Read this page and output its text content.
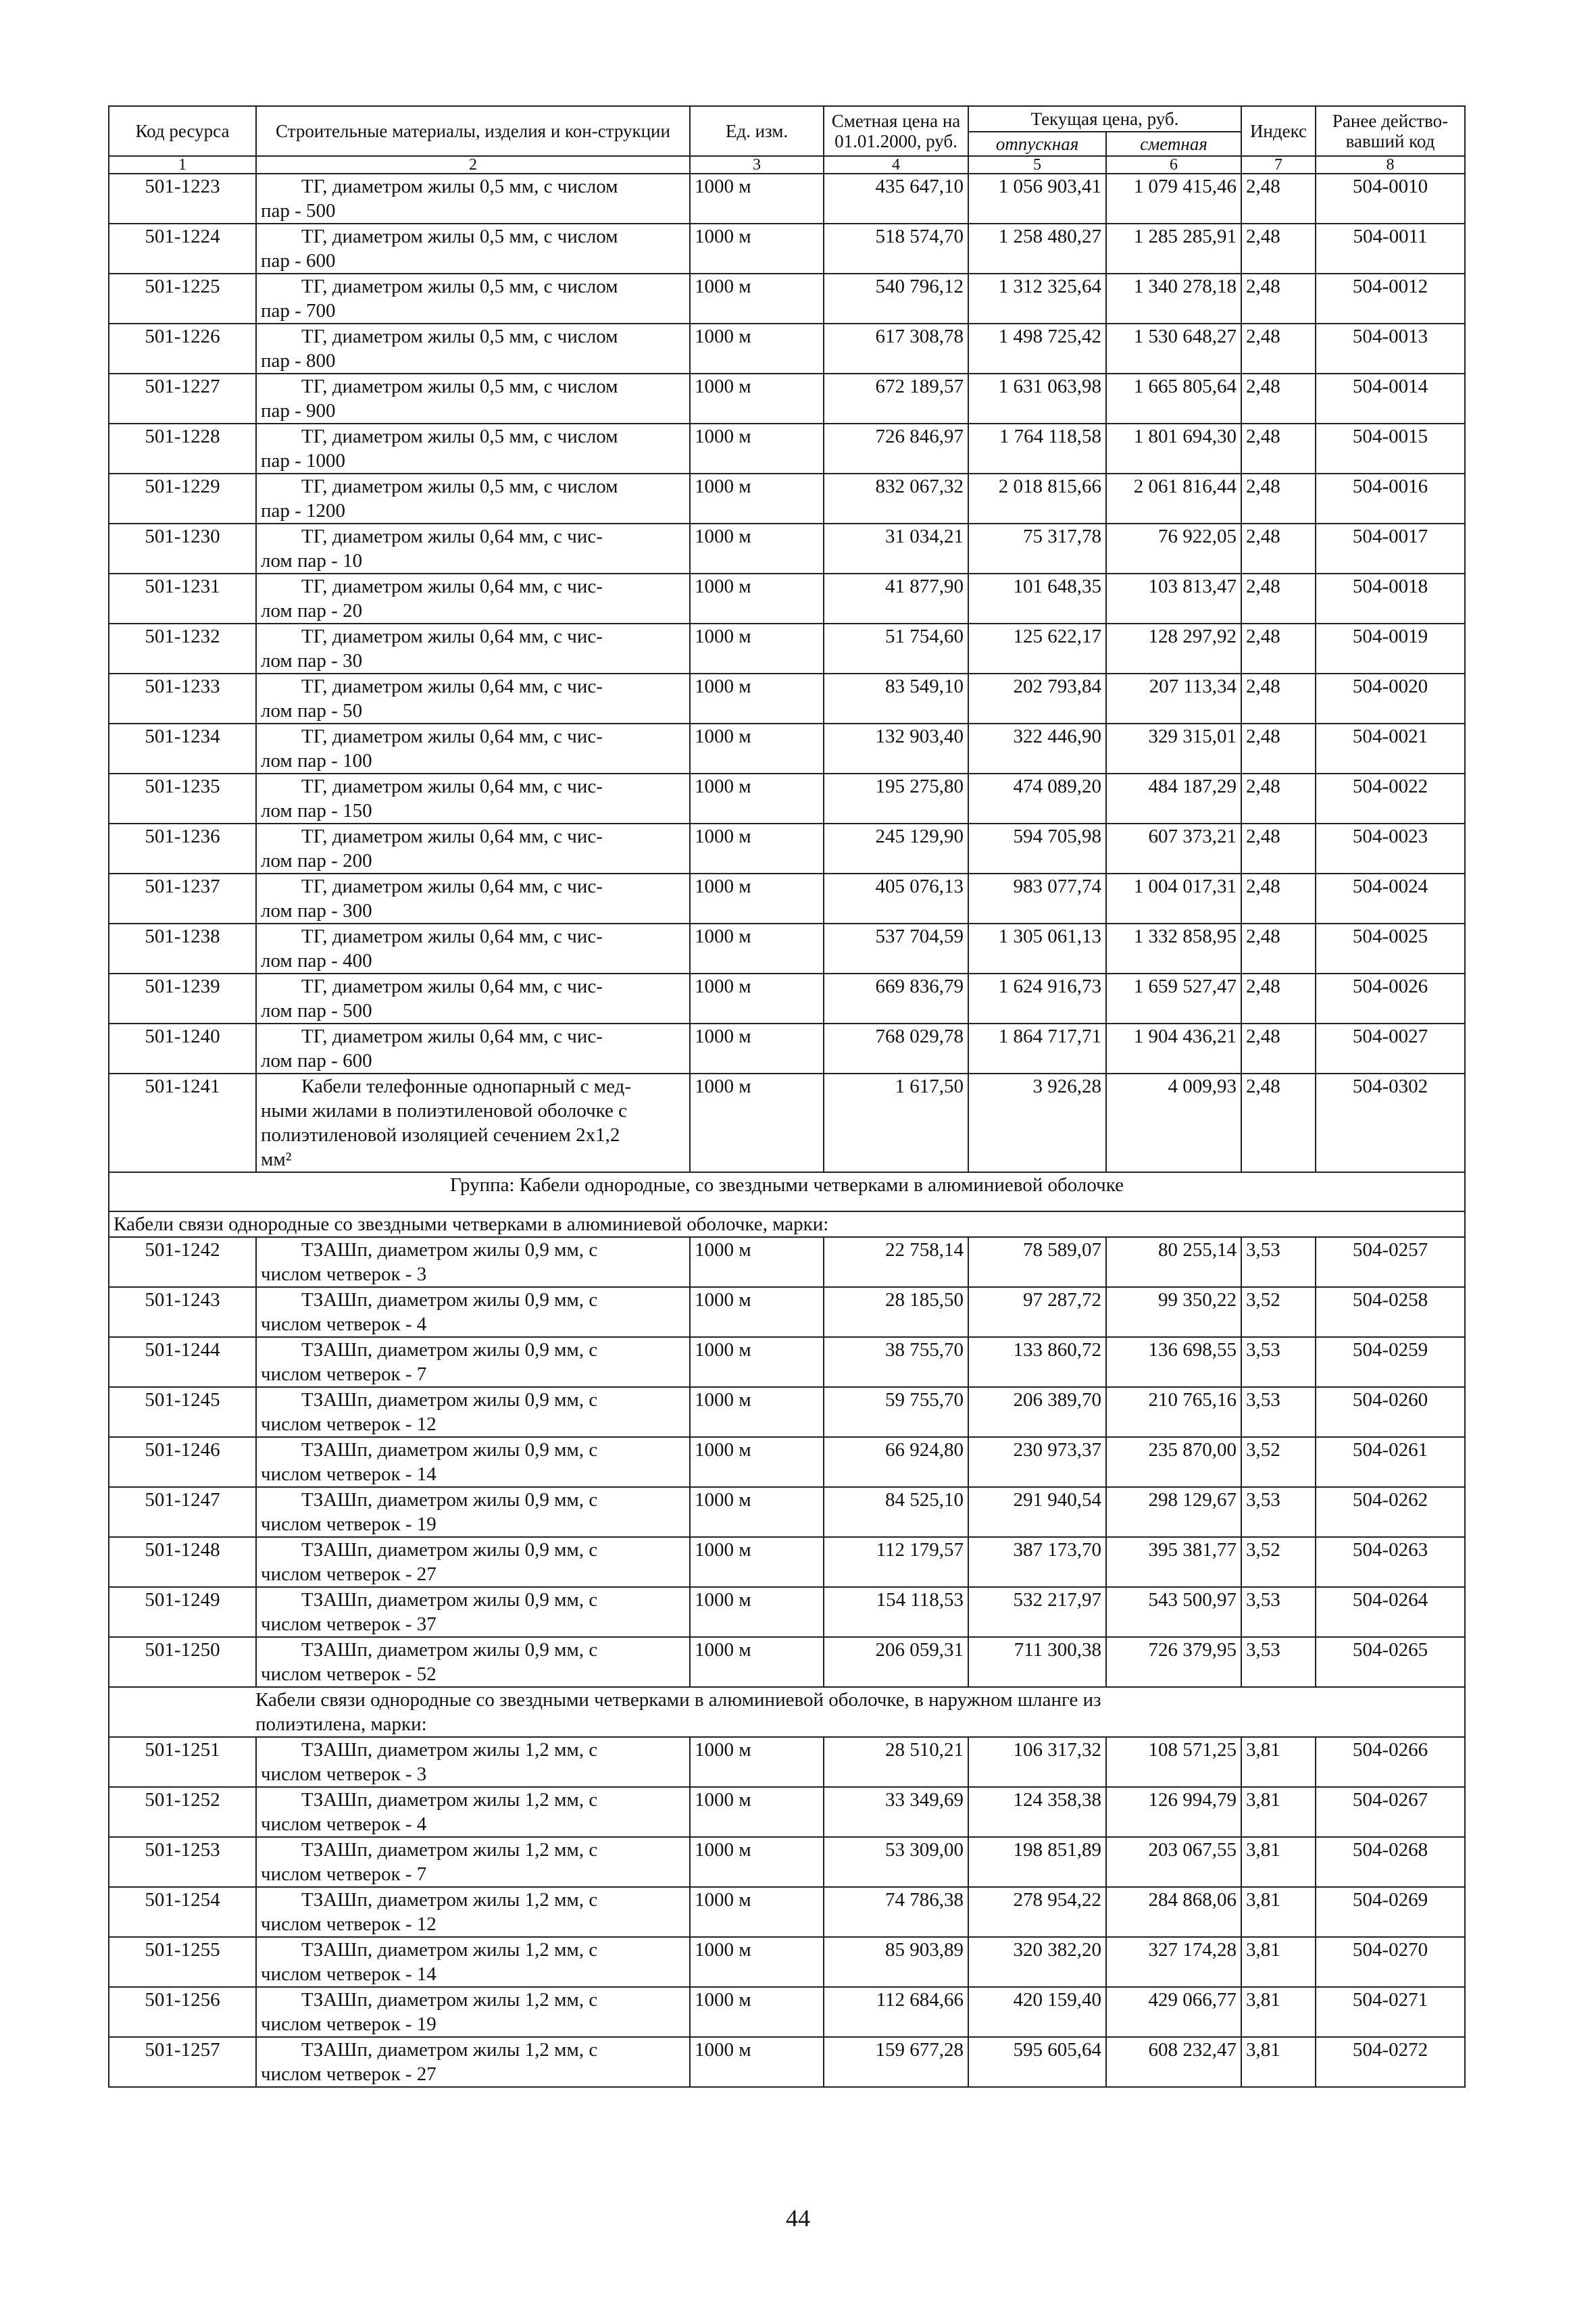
Код ресурса	Строительные материалы, изделия и кон-струкции	Ед. изм.	Сметная цена на 01.01.2000, руб.	Текущая цена, руб.		Индекс	Ранее действо-вавший код
				отпускная	сметная		
1	2	3	4	5	6	7	8
501-1223	ТГ, диаметром жилы 0,5 мм, с числом
пар - 500	1000 м	435 647,10	1 056 903,41	1 079 415,46	2,48	504-0010
501-1224	ТГ, диаметром жилы 0,5 мм, с числом
пар - 600	1000 м	518 574,70	1 258 480,27	1 285 285,91	2,48	504-0011
501-1225	ТГ, диаметром жилы 0,5 мм, с числом
пар - 700	1000 м	540 796,12	1 312 325,64	1 340 278,18	2,48	504-0012
501-1226	ТГ, диаметром жилы 0,5 мм, с числом
пар - 800	1000 м	617 308,78	1 498 725,42	1 530 648,27	2,48	504-0013
501-1227	ТГ, диаметром жилы 0,5 мм, с числом
пар - 900	1000 м	672 189,57	1 631 063,98	1 665 805,64	2,48	504-0014
501-1228	ТГ, диаметром жилы 0,5 мм, с числом
пар - 1000	1000 м	726 846,97	1 764 118,58	1 801 694,30	2,48	504-0015
501-1229	ТГ, диаметром жилы 0,5 мм, с числом
пар - 1200	1000 м	832 067,32	2 018 815,66	2 061 816,44	2,48	504-0016
501-1230	ТГ, диаметром жилы 0,64 мм, с чис-
лом пар - 10	1000 м	31 034,21	75 317,78	76 922,05	2,48	504-0017
501-1231	ТГ, диаметром жилы 0,64 мм, с чис-
лом пар - 20	1000 м	41 877,90	101 648,35	103 813,47	2,48	504-0018
501-1232	ТГ, диаметром жилы 0,64 мм, с чис-
лом пар - 30	1000 м	51 754,60	125 622,17	128 297,92	2,48	504-0019
501-1233	ТГ, диаметром жилы 0,64 мм, с чис-
лом пар - 50	1000 м	83 549,10	202 793,84	207 113,34	2,48	504-0020
501-1234	ТГ, диаметром жилы 0,64 мм, с чис-
лом пар - 100	1000 м	132 903,40	322 446,90	329 315,01	2,48	504-0021
501-1235	ТГ, диаметром жилы 0,64 мм, с чис-
лом пар - 150	1000 м	195 275,80	474 089,20	484 187,29	2,48	504-0022
501-1236	ТГ, диаметром жилы 0,64 мм, с чис-
лом пар - 200	1000 м	245 129,90	594 705,98	607 373,21	2,48	504-0023
501-1237	ТГ, диаметром жилы 0,64 мм, с чис-
лом пар - 300	1000 м	405 076,13	983 077,74	1 004 017,31	2,48	504-0024
501-1238	ТГ, диаметром жилы 0,64 мм, с чис-
лом пар - 400	1000 м	537 704,59	1 305 061,13	1 332 858,95	2,48	504-0025
501-1239	ТГ, диаметром жилы 0,64 мм, с чис-
лом пар - 500	1000 м	669 836,79	1 624 916,73	1 659 527,47	2,48	504-0026
501-1240	ТГ, диаметром жилы 0,64 мм, с чис-
лом пар - 600	1000 м	768 029,78	1 864 717,71	1 904 436,21	2,48	504-0027
501-1241	Кабели телефонные однопарный с мед-
ными жилами в полиэтиленовой оболочке с
полиэтиленовой изоляцией сечением 2х1,2
мм²	1000 м	1 617,50	3 926,28	4 009,93	2,48	504-0302
Группа: Кабели однородные, со звездными четверками в алюминиевой оболочке							
Кабели связи однородные со звездными четверками в алюминиевой оболочке, марки:							
501-1242	ТЗАШп, диаметром жилы 0,9 мм, с
числом четверок - 3	1000 м	22 758,14	78 589,07	80 255,14	3,53	504-0257
501-1243	ТЗАШп, диаметром жилы 0,9 мм, с
числом четверок - 4	1000 м	28 185,50	97 287,72	99 350,22	3,52	504-0258
501-1244	ТЗАШп, диаметром жилы 0,9 мм, с
числом четверок - 7	1000 м	38 755,70	133 860,72	136 698,55	3,53	504-0259
501-1245	ТЗАШп, диаметром жилы 0,9 мм, с
числом четверок - 12	1000 м	59 755,70	206 389,70	210 765,16	3,53	504-0260
501-1246	ТЗАШп, диаметром жилы 0,9 мм, с
числом четверок - 14	1000 м	66 924,80	230 973,37	235 870,00	3,52	504-0261
501-1247	ТЗАШп, диаметром жилы 0,9 мм, с
числом четверок - 19	1000 м	84 525,10	291 940,54	298 129,67	3,53	504-0262
501-1248	ТЗАШп, диаметром жилы 0,9 мм, с
числом четверок - 27	1000 м	112 179,57	387 173,70	395 381,77	3,52	504-0263
501-1249	ТЗАШп, диаметром жилы 0,9 мм, с
числом четверок - 37	1000 м	154 118,53	532 217,97	543 500,97	3,53	504-0264
501-1250	ТЗАШп, диаметром жилы 0,9 мм, с
числом четверок - 52	1000 м	206 059,31	711 300,38	726 379,95	3,53	504-0265

Кабели связи однородные со звездными четверками в алюминиевой оболочке, в наружном шланге из
полиэтилена, марки:							

501-1251	ТЗАШп, диаметром жилы 1,2 мм, с
числом четверок - 3	1000 м	28 510,21	106 317,32	108 571,25	3,81	504-0266
501-1252	ТЗАШп, диаметром жилы 1,2 мм, с
числом четверок - 4	1000 м	33 349,69	124 358,38	126 994,79	3,81	504-0267
501-1253	ТЗАШп, диаметром жилы 1,2 мм, с
числом четверок - 7	1000 м	53 309,00	198 851,89	203 067,55	3,81	504-0268
501-1254	ТЗАШп, диаметром жилы 1,2 мм, с
числом четверок - 12	1000 м	74 786,38	278 954,22	284 868,06	3,81	504-0269
501-1255	ТЗАШп, диаметром жилы 1,2 мм, с
числом четверок - 14	1000 м	85 903,89	320 382,20	327 174,28	3,81	504-0270
501-1256	ТЗАШп, диаметром жилы 1,2 мм, с
числом четверок - 19	1000 м	112 684,66	420 159,40	429 066,77	3,81	504-0271
501-1257	ТЗАШп, диаметром жилы 1,2 мм, с
числом четверок - 27	1000 м	159 677,28	595 605,64	608 232,47	3,81	504-0272
44
